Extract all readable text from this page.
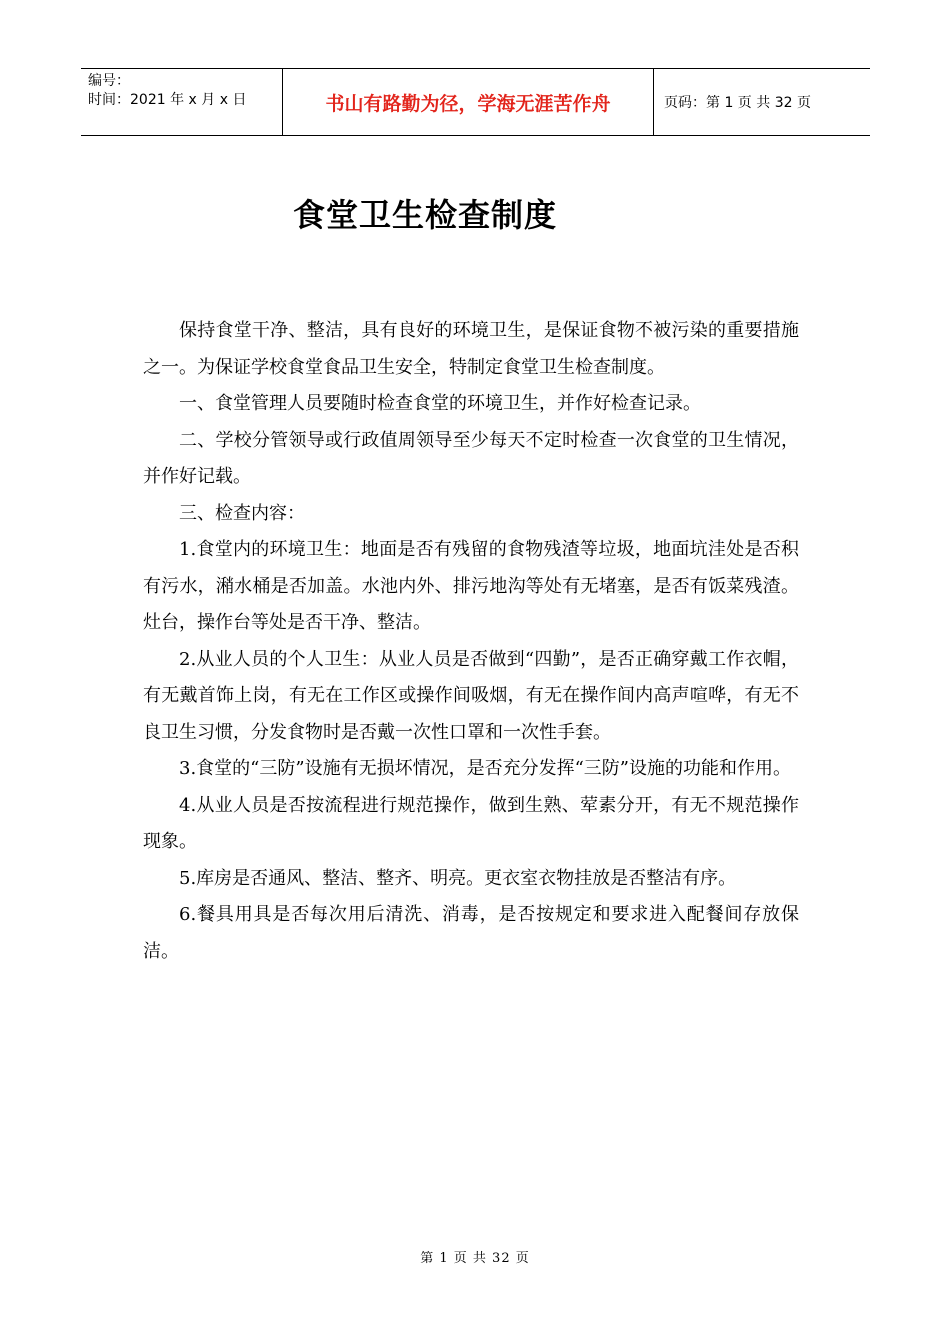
编号：
时间：2021 年 x 月 x 日	书山有路勤为径，学海无涯苦作舟	页码：第 1 页 共 32 页
食堂卫生检查制度

保持食堂干净、整洁，具有良好的环境卫生，是保证食物不被污染的重要措施之一。为保证学校食堂食品卫生安全，特制定食堂卫生检查制度。

一、食堂管理人员要随时检查食堂的环境卫生，并作好检查记录。

二、学校分管领导或行政值周领导至少每天不定时检查一次食堂的卫生情况，并作好记载。

三、检查内容：

1.食堂内的环境卫生：地面是否有残留的食物残渣等垃圾，地面坑洼处是否积有污水，潲水桶是否加盖。水池内外、排污地沟等处有无堵塞，是否有饭菜残渣。灶台，操作台等处是否干净、整洁。

2.从业人员的个人卫生：从业人员是否做到“四勤”，是否正确穿戴工作衣帽，有无戴首饰上岗，有无在工作区或操作间吸烟，有无在操作间内高声喧哗，有无不良卫生习惯，分发食物时是否戴一次性口罩和一次性手套。

3.食堂的“三防”设施有无损坏情况，是否充分发挥“三防”设施的功能和作用。

4.从业人员是否按流程进行规范操作，做到生熟、荤素分开，有无不规范操作现象。

5.库房是否通风、整洁、整齐、明亮。更衣室衣物挂放是否整洁有序。

6.餐具用具是否每次用后清洗、消毒，是否按规定和要求进入配餐间存放保洁。

第 1 页 共 32 页
